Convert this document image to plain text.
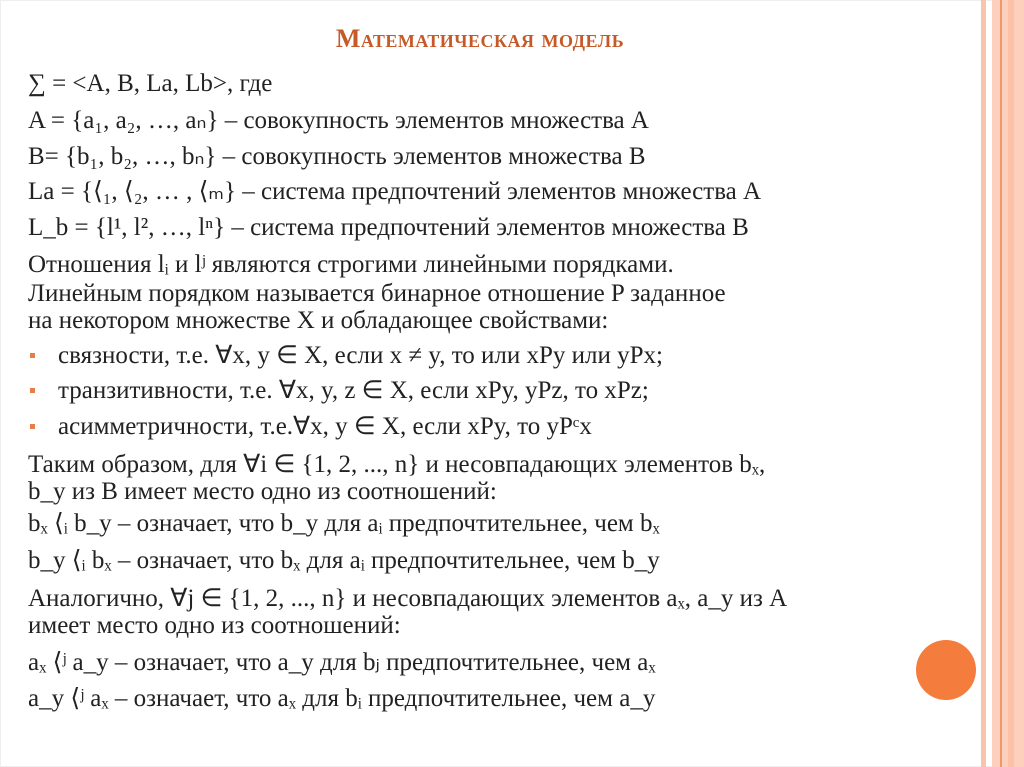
Математическая модель
∑ = <A, B, La, Lb>, где
A = {a₁, a₂, …, aₙ} – совокупность элементов множества А
B= {b₁, b₂, …, bₙ} – совокупность элементов множества В
La = {⟨₁, ⟨₂, … , ⟨ₘ} – система предпочтений элементов множества А
L_b = {l¹, l², …, lⁿ} – система предпочтений элементов множества В
Отношения lᵢ и lʲ являются строгими линейными порядками.
Линейным порядком называется бинарное отношение P заданное
на некотором множестве X и обладающее свойствами:
связности, т.е. ∀x, y ∈ X, если x ≠ y, то или xPy или yPx;
транзитивности, т.е. ∀x, y, z ∈ X, если xPy, yPz, то xPz;
асимметричности, т.е.∀x, y ∈ X, если xPy, то yPᶜx
Таким образом, для ∀i ∈ {1, 2, ..., n} и несовпадающих элементов bₓ,
b_y из В имеет место одно из соотношений:
bₓ ⟨ᵢ b_y – означает, что b_y для aᵢ предпочтительнее, чем bₓ
b_y ⟨ᵢ bₓ – означает, что bₓ для aᵢ предпочтительнее, чем b_y
Аналогично, ∀j ∈ {1, 2, ..., n} и несовпадающих элементов aₓ, a_y из А
имеет место одно из соотношений:
aₓ ⟨ʲ a_y – означает, что a_y для bⱼ предпочтительнее, чем aₓ
a_y ⟨ʲ aₓ – означает, что aₓ для bᵢ предпочтительнее, чем a_y
